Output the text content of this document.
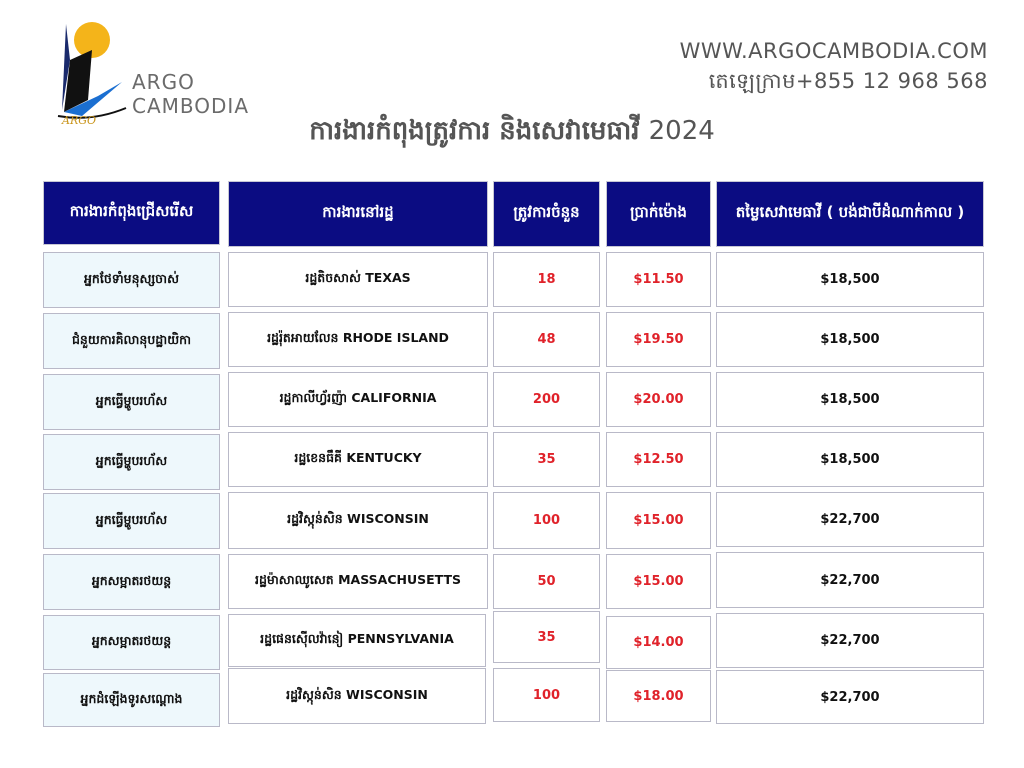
ARGO
ARGO
CAMBODIA
WWW.ARGOCAMBODIA.COM
តេឡេក្រាម+855 12 968 568
ការងារកំពុងត្រូវការ និងសេវាមេធាវី 2024
ការងារកំពុងជ្រើសរើស	ការងារនៅរដ្ឋ	ត្រូវការចំនួន	ប្រាក់ម៉ោង	តម្លៃសេវាមេធាវី ( បង់ជាបីដំណាក់កាល )
អ្នកថែទាំមនុស្សចាស់	រដ្ឋតិចសាស់ TEXAS	18	$11.50	$18,500
ជំនួយការគិលានុបដ្ឋាយិកា	រដ្ឋរ៉ុតអាយលែន RHODE ISLAND	48	$19.50	$18,500
អ្នកធ្វើម្ហូបរហ័ស	រដ្ឋកាលីហ្វ័រញ៉ា CALIFORNIA	200	$20.00	$18,500
អ្នកធ្វើម្ហូបរហ័ស	រដ្ឋខេនធឹគី KENTUCKY	35	$12.50	$18,500
អ្នកធ្វើម្ហូបរហ័ស	រដ្ឋវិស្កុន់សិន WISCONSIN	100	$15.00	$22,700
អ្នកសម្អាតរថយន្ត	រដ្ឋម៉ាសាឈូសេត MASSACHUSETTS	50	$15.00	$22,700
អ្នកសម្អាតរថយន្ត	រដ្ឋផេនស៊ើលវ៉ានៀ PENNSYLVANIA	35	$14.00	$22,700
អ្នកដំឡើងទូរសណ្ដោង	រដ្ឋវិស្កុន់សិន WISCONSIN	100	$18.00	$22,700
